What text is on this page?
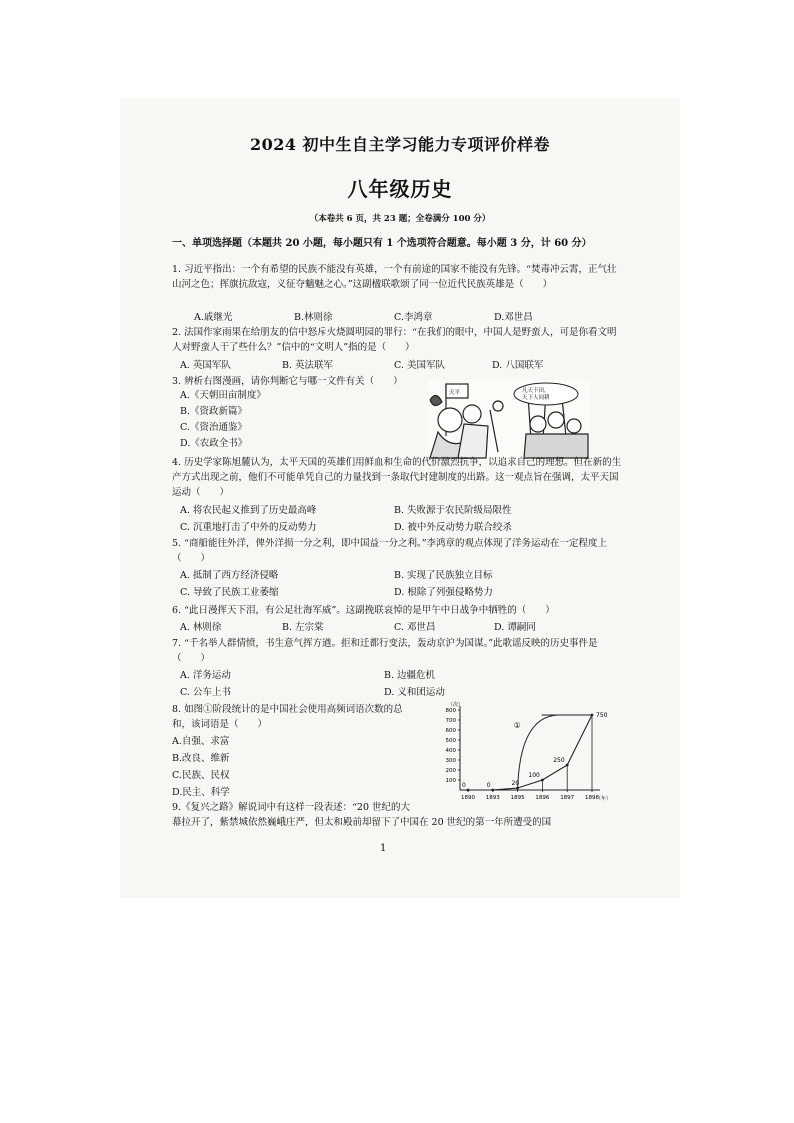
2024 初中生自主学习能力专项评价样卷
八年级历史
（本卷共 6 页，共 23 题；全卷满分 100 分）
一、单项选择题（本题共 20 小题，每小题只有 1 个选项符合题意。每小题 3 分，计 60 分）
1. 习近平指出：一个有希望的民族不能没有英雄，一个有前途的国家不能没有先锋。“焚毒冲云霄，正气壮山河之色；挥旗抗敌寇，义征夺魑魅之心。”这副楹联歌颂了同一位近代民族英雄是（　　）
A.戚继光	B.林则徐	C.李鸿章	D.邓世昌
2. 法国作家雨果在给朋友的信中怒斥火烧圆明园的罪行：“在我们的眼中，中国人是野蛮人，可是你看文明人对野蛮人干了些什么？”信中的“文明人”指的是（　　）
A. 英国军队	B. 英法联军	C. 美国军队	D. 八国联军
3. 辨析右图漫画，请你判断它与哪一文件有关（　　）
A.《天朝田亩制度》
B.《资政新篇》
C.《资治通鉴》
D.《农政全书》
天平	凡天下田， 天下人同耕
4. 历史学家陈旭麓认为，太平天国的英雄们用鲜血和生命的代价激烈抗争，以追求自己的理想。但在新的生产方式出现之前，他们不可能单凭自己的力量找到一条取代封建制度的出路。这一观点旨在强调，太平天国运动（　　）
A. 将农民起义推到了历史最高峰	B. 失败源于农民阶级局限性
C. 沉重地打击了中外的反动势力	D. 被中外反动势力联合绞杀
5. “商船能往外洋，俾外洋损一分之利，即中国益一分之利。”李鸿章的观点体现了洋务运动在一定程度上（　　）
A. 抵制了西方经济侵略	B. 实现了民族独立目标
C. 导致了民族工业萎缩	D. 根除了列强侵略势力
6. “此日漫挥天下泪，有公足壮海军威”。这副挽联哀悼的是甲午中日战争中牺牲的（　　）
A. 林则徐	B. 左宗棠	C. 邓世昌	D. 谭嗣同
7. “千名举人群情愤，书生意气挥方遒。拒和迁都行变法，轰动京沪为国谋。”此歌谣反映的历史事件是（　　）
A. 洋务运动	B. 边疆危机
C. 公车上书	D. 义和团运动
8. 如图①阶段统计的是中国社会使用高频词语次数的总
和，该词语是（　　）
A.自强、求富
B.改良、维新
C.民族、民权
D.民主、科学
（次）
（年）
100
200
300
400
500
600
700
800
1890 1893 1895 1896 1897 1898
0	0	20
100
250
750
①
9.《复兴之路》解说词中有这样一段表述：“20 世纪的大
幕拉开了，紫禁城依然巍峨庄严，但太和殿前却留下了中国在 20 世纪的第一年所遭受的国
1
